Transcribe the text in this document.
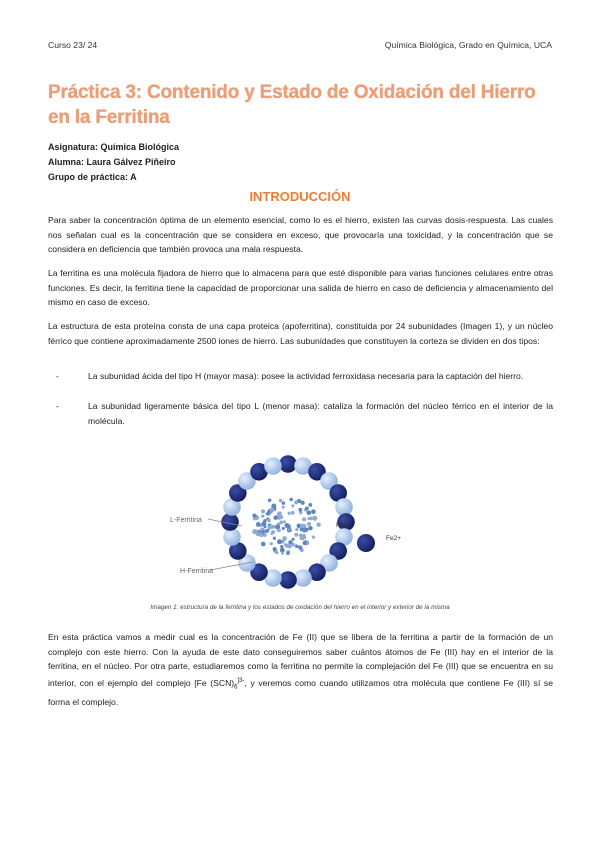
Curso 23/ 24	Química Biológica, Grado en Química, UCA
Práctica 3: Contenido y Estado de Oxidación del Hierro en la Ferritina
Asignatura: Química Biológica
Alumna: Laura Gálvez Piñeiro
Grupo de práctica: A
INTRODUCCIÓN

Para saber la concentración óptima de un elemento esencial, como lo es el hierro, existen las curvas dosis-respuesta. Las cuales nos señalan cual es la concentración que se considera en exceso, que provocaría una toxicidad, y la concentración que se considera en deficiencia que también provoca una mala respuesta.

La ferritina es una molécula fijadora de hierro que lo almacena para que esté disponible para varias funciones celulares entre otras funciones. Es decir, la ferritina tiene la capacidad de proporcionar una salida de hierro en caso de deficiencia y almacenamiento del mismo en caso de exceso.

La estructura de esta proteína consta de una capa proteica (apoferritina), constituida por 24 subunidades (Imagen 1), y un núcleo férrico que contiene aproximadamente 2500 iones de hierro. Las subunidades que constituyen la corteza se dividen en dos tipos:

-	La subunidad ácida del tipo H (mayor masa): posee la actividad ferroxidasa necesaria para la captación del hierro.

-	La subunidad ligeramente básica del tipo L (menor masa): cataliza la formación del núcleo férrico en el interior de la molécula.

L-Ferritina
H-Ferritina
Fe3+
Fe2+
Imagen 1: estructura de la ferritina y los estados de oxidación del hierro en el interior y exterior de la misma

En esta práctica vamos a medir cual es la concentración de Fe (II) que se libera de la ferritina a partir de la formación de un complejo con este hierro. Con la ayuda de este dato conseguiremos saber cuántos átomos de Fe (III) hay en el interior de la ferritina, en el núcleo. Por otra parte, estudiaremos como la ferritina no permite la complejación del Fe (III) que se encuentra en su interior, con el ejemplo del complejo [Fe $(SCN)_6^{]3-}$, y veremos como cuando utilizamos otra molécula que contiene Fe (III) sí se forma el complejo.
